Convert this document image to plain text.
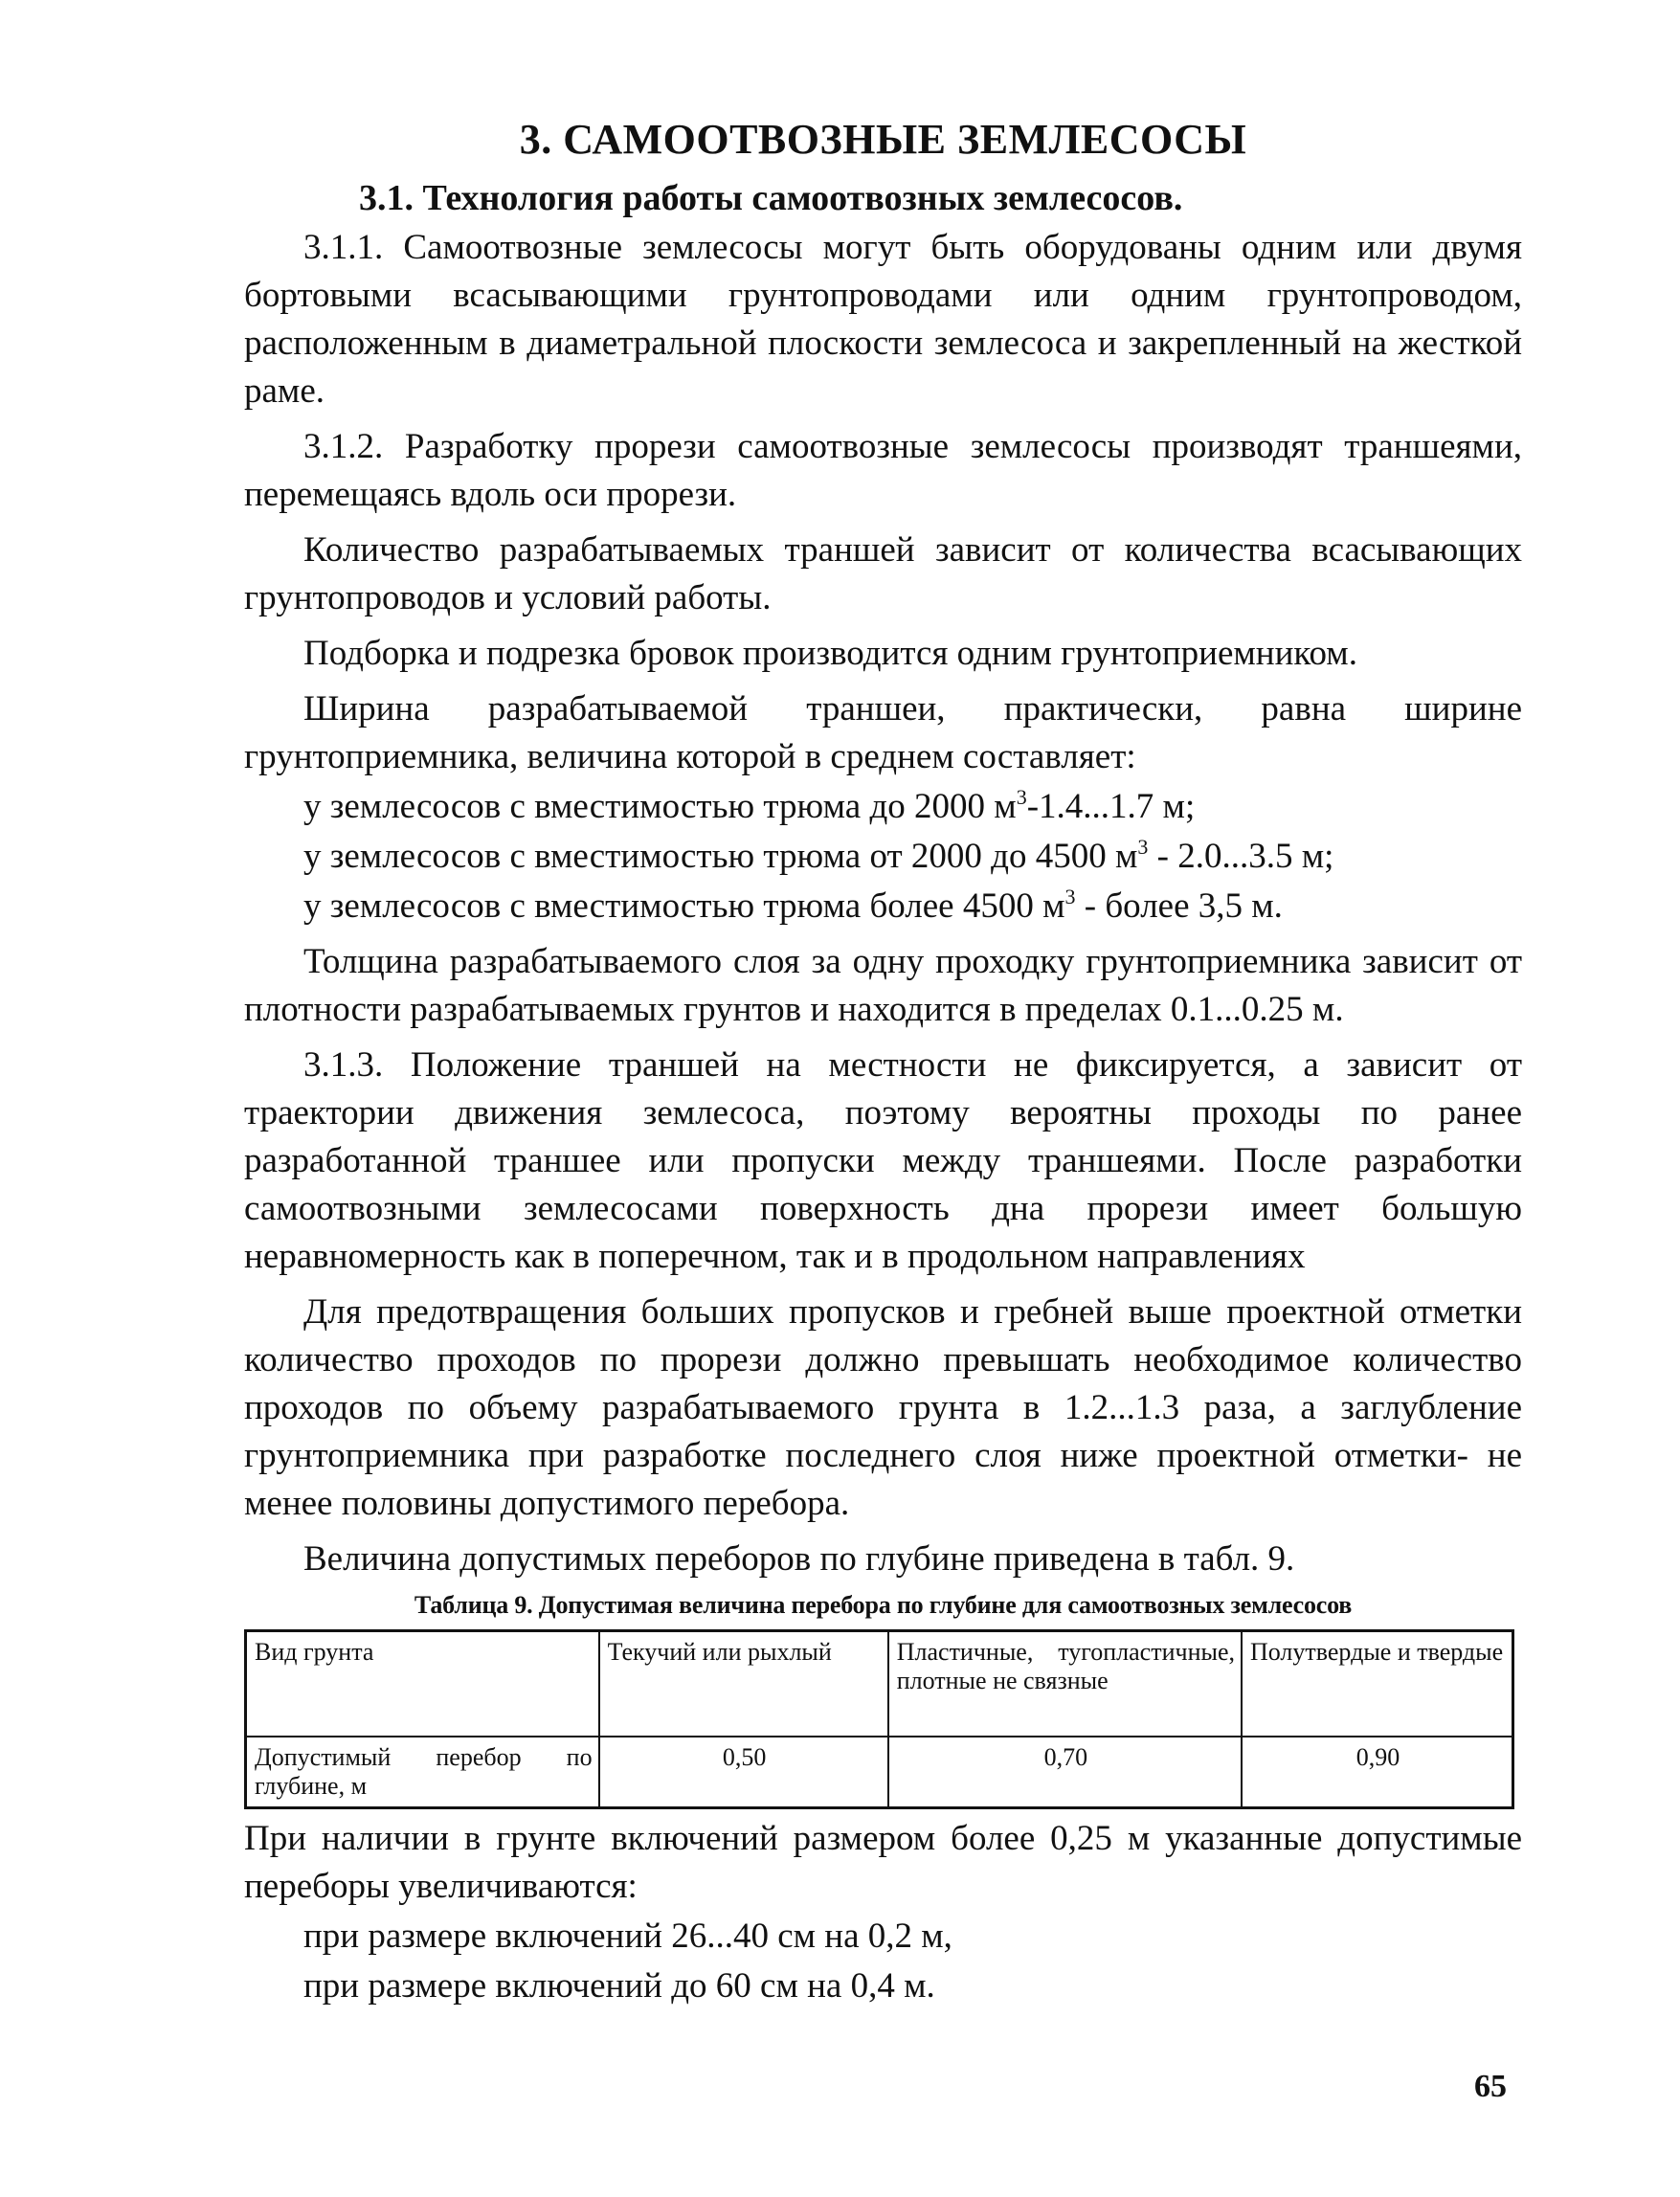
3. САМООТВОЗНЫЕ ЗЕМЛЕСОСЫ
3.1. Технология работы самоотвозных землесосов.

3.1.1. Самоотвозные землесосы могут быть оборудованы одним или двумя бортовыми всасывающими грунтопроводами или одним грунтопроводом, расположенным в диаметральной плоскости землесоса и закрепленный на жесткой раме.

3.1.2. Разработку прорези самоотвозные землесосы производят траншеями, перемещаясь вдоль оси прорези.

Количество разрабатываемых траншей зависит от количества всасывающих грунтопроводов и условий работы.

Подборка и подрезка бровок производится одним грунтоприемником.

Ширина разрабатываемой траншеи, практически, равна ширине грунтоприемника, величина которой в среднем составляет:

у землесосов с вместимостью трюма до 2000 $м^3-1.4...1.7$ м;

у землесосов с вместимостью трюма от 2000 до 4500 $м^3 - 2.0...3.5$ м;

у землесосов с вместимостью трюма более 4500 $м^3$ - более 3,5 м.

Толщина разрабатываемого слоя за одну проходку грунтоприемника зависит от плотности разрабатываемых грунтов и находится в пределах 0.1...0.25 м.

3.1.3. Положение траншей на местности не фиксируется, а зависит от траектории движения землесоса, поэтому вероятны проходы по ранее разработанной траншее или пропуски между траншеями. После разработки самоотвозными землесосами поверхность дна прорези имеет большую неравномерность как в поперечном, так и в продольном направлениях

Для предотвращения больших пропусков и гребней выше проектной отметки количество проходов по прорези должно превышать необходимое количество проходов по объему разрабатываемого грунта в 1.2...1.3 раза, а заглубление грунтоприемника при разработке последнего слоя ниже проектной отметки- не менее половины допустимого перебора.

Величина допустимых переборов по глубине приведена в табл. 9.

Таблица 9. Допустимая величина перебора по глубине для самоотвозных землесосов
Вид грунта	Текучий или рыхлый	Пластичные, тугопластичные, плотные не связные	Полутвердые и твердые
Допустимый перебор по глубине, м	0,50	0,70	0,90

При наличии в грунте включений размером более 0,25 м указанные допустимые переборы увеличиваются:

при размере включений 26...40 см на 0,2 м,

при размере включений до 60 см на 0,4 м.

65
